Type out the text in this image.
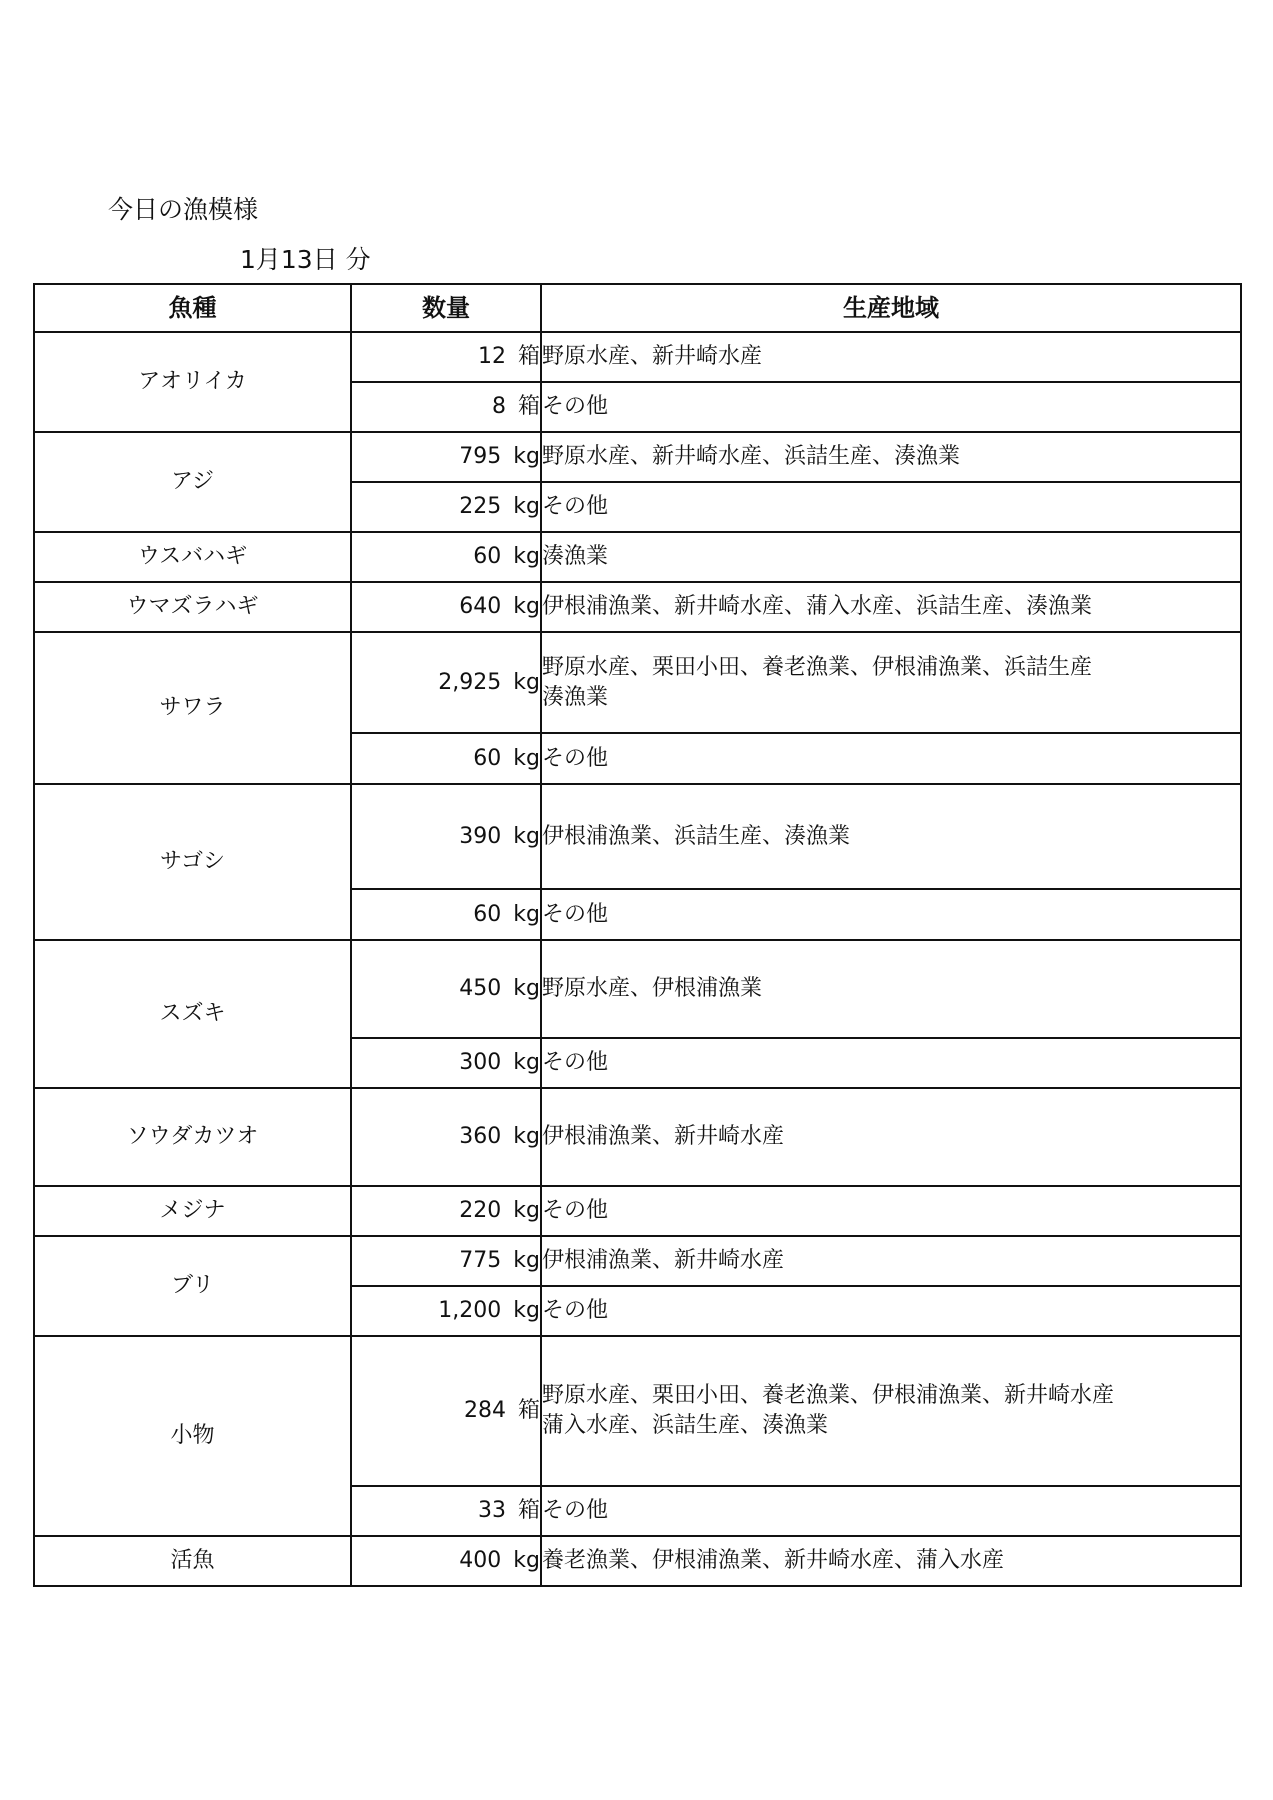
今日の漁模様
1月13日 分
魚種	数量	生産地域
アオリイカ	12 箱	野原水産、新井崎水産

	8 箱	その他

アジ	795 kg	野原水産、新井崎水産、浜詰生産、湊漁業

	225 kg	その他

ウスバハギ	60 kg	湊漁業

ウマズラハギ	640 kg	伊根浦漁業、新井崎水産、蒲入水産、浜詰生産、湊漁業

サワラ	2,925 kg	野原水産、栗田小田、養老漁業、伊根浦漁業、浜詰生産
湊漁業

	60 kg	その他

サゴシ	390 kg	伊根浦漁業、浜詰生産、湊漁業

	60 kg	その他

スズキ	450 kg	野原水産、伊根浦漁業

	300 kg	その他

ソウダカツオ	360 kg	伊根浦漁業、新井崎水産

メジナ	220 kg	その他

ブリ	775 kg	伊根浦漁業、新井崎水産

	1,200 kg	その他

小物	284 箱	野原水産、栗田小田、養老漁業、伊根浦漁業、新井崎水産
蒲入水産、浜詰生産、湊漁業

	33 箱	その他

活魚	400 kg	養老漁業、伊根浦漁業、新井崎水産、蒲入水産
